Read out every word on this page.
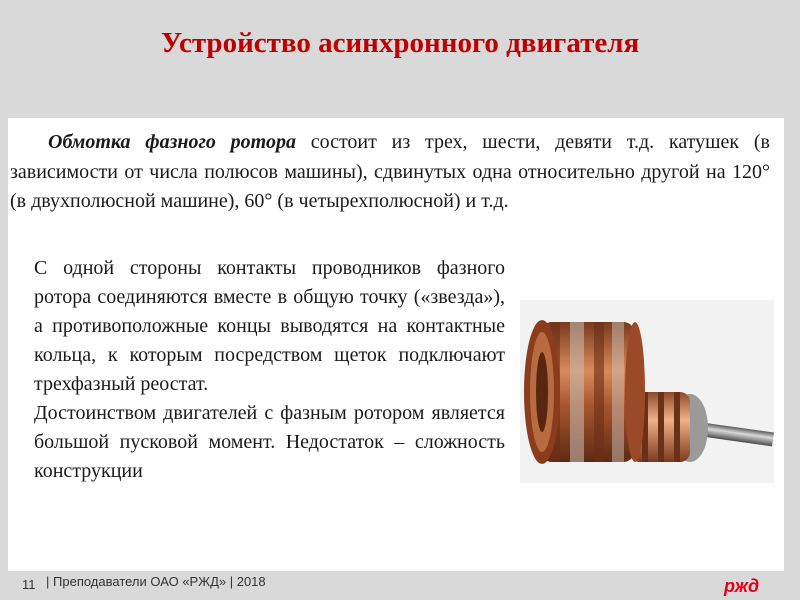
Устройство асинхронного двигателя

Обмотка фазного ротора состоит из трех, шести, девяти т.д. катушек (в зависимости от числа полюсов машины), сдвинутых одна относительно другой на 120° (в двухполюсной машине), 60° (в четырехполюсной) и т.д.

С одной стороны контакты проводников фазного ротора соединяются вместе в общую точку («звезда»), а противоположные концы выводятся на контактные кольца, к которым посредством щеток подключают трехфазный реостат.

Достоинством двигателей с фазным ротором является большой пусковой момент. Недостаток – сложность конструкции

11 | Преподаватели ОАО «РЖД» | 2018	ржд
